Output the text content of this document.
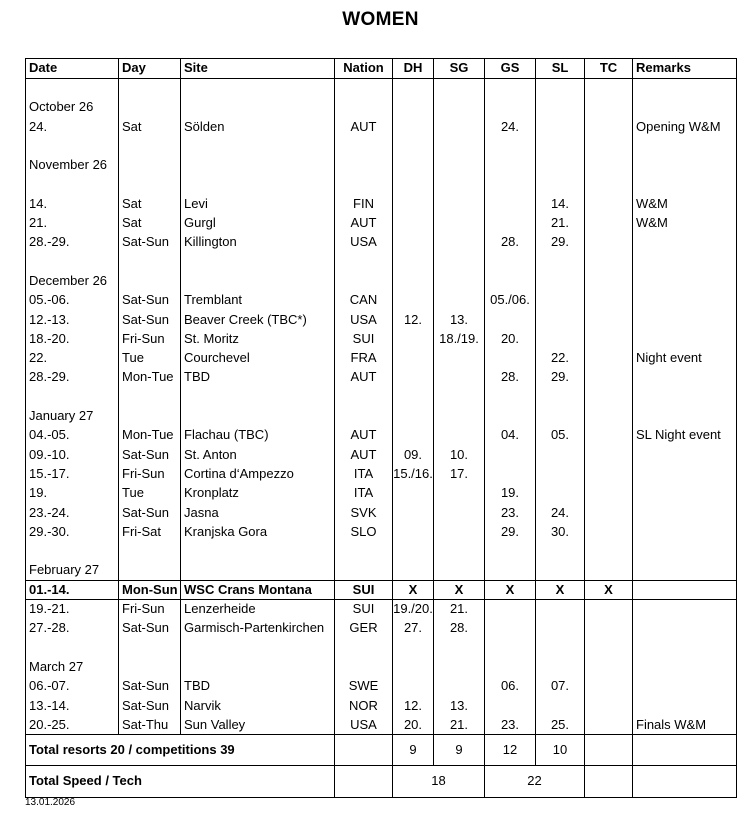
WOMEN
Date	Day	Site	Nation	DH	SG	GS	SL	TC	Remarks

October 26									
24.	Sat	Sölden	AUT			24.			Opening W&M

November 26									

14.	Sat	Levi	FIN				14.		W&M
21.	Sat	Gurgl	AUT				21.		W&M
28.-29.	Sat-Sun	Killington	USA			28.	29.		

December 26									
05.-06.	Sat-Sun	Tremblant	CAN			05./06.			
12.-13.	Sat-Sun	Beaver Creek (TBC*)	USA	12.	13.				
18.-20.	Fri-Sun	St. Moritz	SUI		18./19.	20.			
22.	Tue	Courchevel	FRA				22.		Night event
28.-29.	Mon-Tue	TBD	AUT			28.	29.		

January 27									
04.-05.	Mon-Tue	Flachau (TBC)	AUT			04.	05.		SL Night event
09.-10.	Sat-Sun	St. Anton	AUT	09.	10.				
15.-17.	Fri-Sun	Cortina d‘Ampezzo	ITA	15./16.	17.				
19.	Tue	Kronplatz	ITA			19.			
23.-24.	Sat-Sun	Jasna	SVK			23.	24.		
29.-30.	Fri-Sat	Kranjska Gora	SLO			29.	30.		

February 27									
01.-14.	Mon-Sun	WSC Crans Montana	SUI	X	X	X	X	X	
19.-21.	Fri-Sun	Lenzerheide	SUI	19./20.	21.				
27.-28.	Sat-Sun	Garmisch-Partenkirchen	GER	27.	28.				

March 27									
06.-07.	Sat-Sun	TBD	SWE			06.	07.		
13.-14.	Sat-Sun	Narvik	NOR	12.	13.				
20.-25.	Sat-Thu	Sun Valley	USA	20.	21.	23.	25.		Finals W&M
Total resorts 20 / competitions 39				9	9	12	10		
Total Speed / Tech				18		22			
13.01.2026
